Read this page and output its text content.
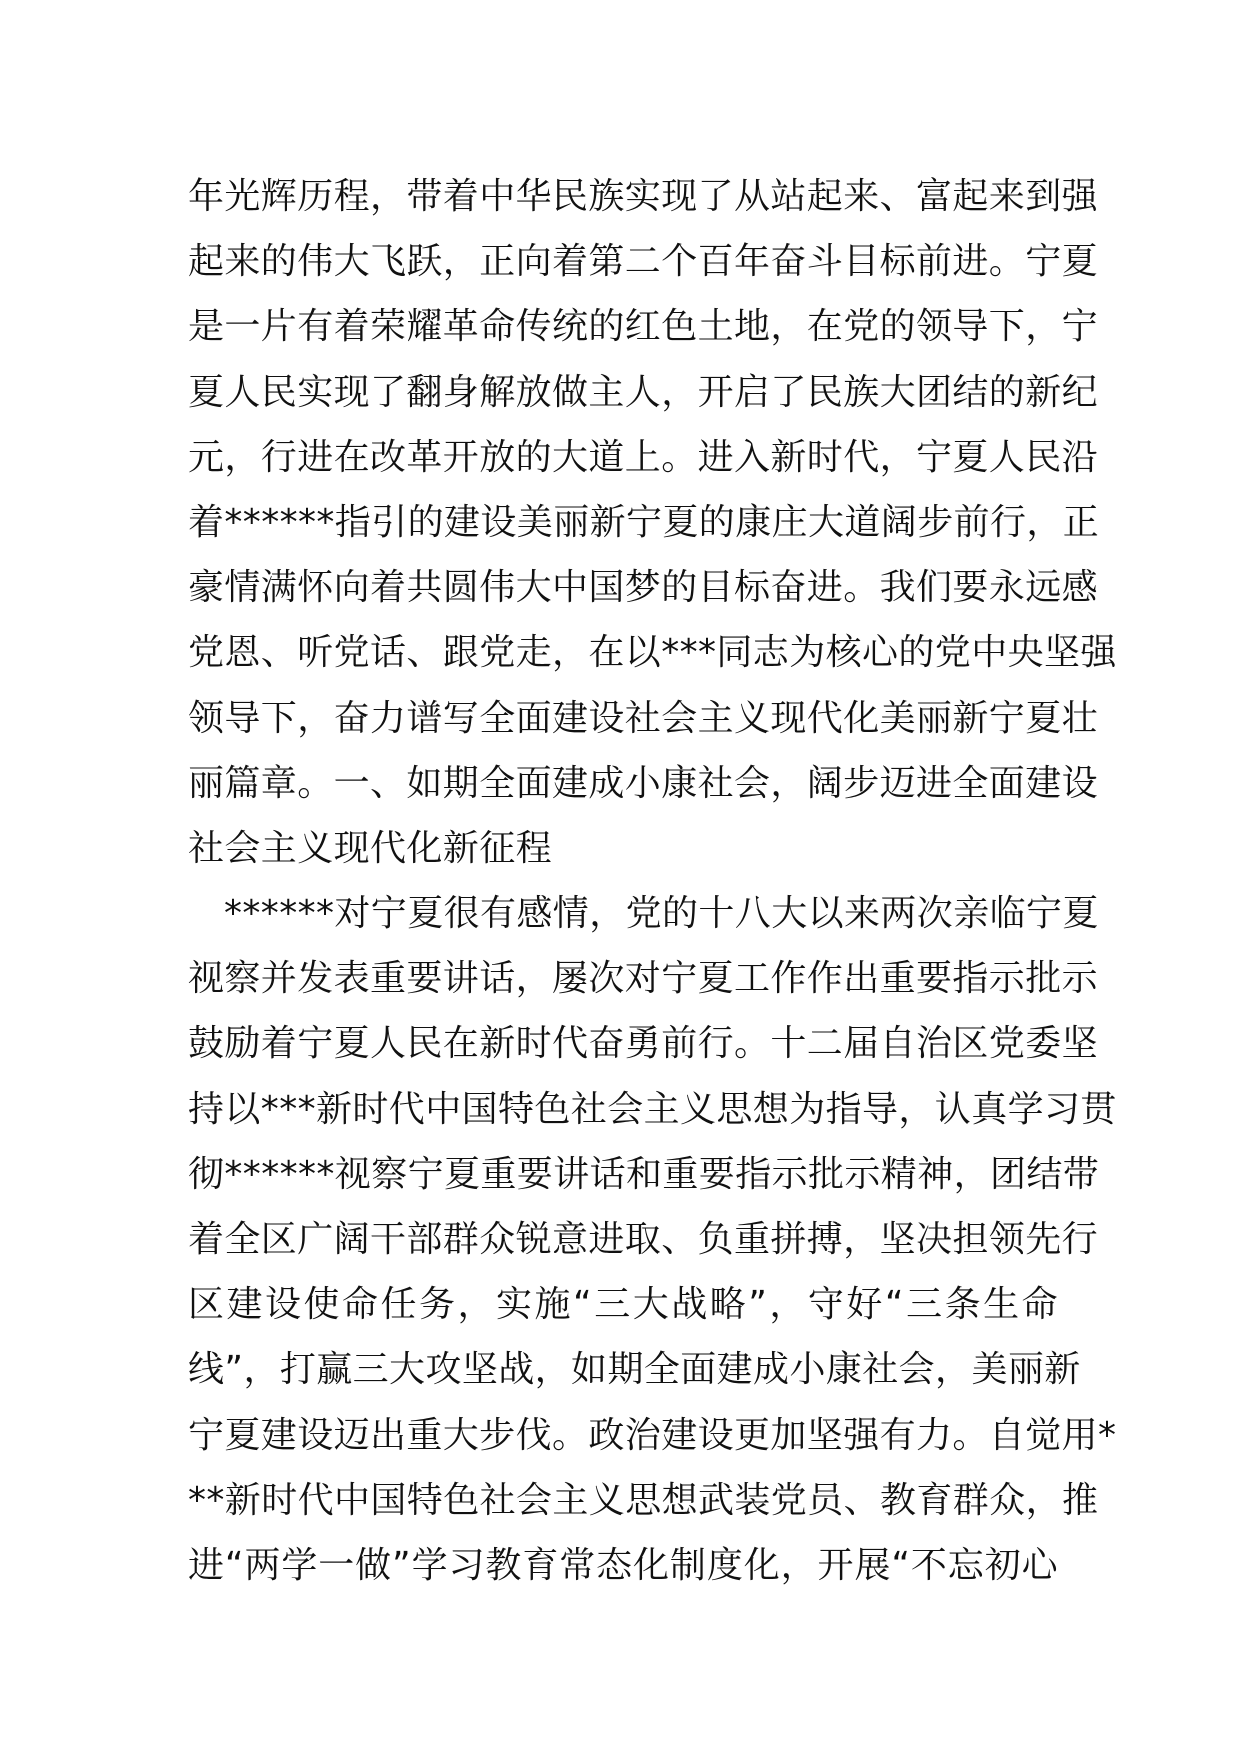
年光辉历程，带着中华民族实现了从站起来、富起来到强
起来的伟大飞跃，正向着第二个百年奋斗目标前进。宁夏
是一片有着荣耀革命传统的红色土地，在党的领导下，宁
夏人民实现了翻身解放做主人，开启了民族大团结的新纪
元，行进在改革开放的大道上。进入新时代，宁夏人民沿
着******指引的建设美丽新宁夏的康庄大道阔步前行，正
豪情满怀向着共圆伟大中国梦的目标奋进。我们要永远感
党恩、听党话、跟党走，在以***同志为核心的党中央坚强
领导下，奋力谱写全面建设社会主义现代化美丽新宁夏壮
丽篇章。一、如期全面建成小康社会，阔步迈进全面建设
社会主义现代化新征程
******对宁夏很有感情，党的十八大以来两次亲临宁夏
视察并发表重要讲话，屡次对宁夏工作作出重要指示批示
鼓励着宁夏人民在新时代奋勇前行。十二届自治区党委坚
持以***新时代中国特色社会主义思想为指导，认真学习贯
彻******视察宁夏重要讲话和重要指示批示精神，团结带
着全区广阔干部群众锐意进取、负重拼搏，坚决担领先行
区建设使命任务，实施“三大战略”，守好“三条生命
线”，打赢三大攻坚战，如期全面建成小康社会，美丽新
宁夏建设迈出重大步伐。政治建设更加坚强有力。自觉用*
**新时代中国特色社会主义思想武装党员、教育群众，推
进“两学一做”学习教育常态化制度化，开展“不忘初心
